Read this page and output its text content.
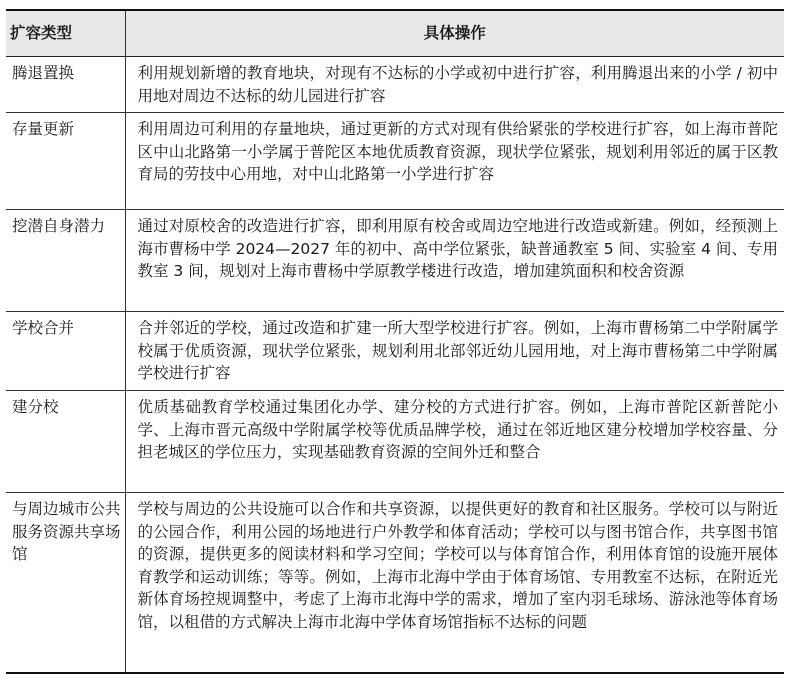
扩容类型	具体操作
腾退置换	利用规划新增的教育地块，对现有不达标的小学或初中进行扩容，利用腾退出来的小学 / 初中用地对周边不达标的幼儿园进行扩容
存量更新	利用周边可利用的存量地块，通过更新的方式对现有供给紧张的学校进行扩容，如上海市普陀区中山北路第一小学属于普陀区本地优质教育资源，现状学位紧张，规划利用邻近的属于区教育局的劳技中心用地，对中山北路第一小学进行扩容
挖潜自身潜力	通过对原校舍的改造进行扩容，即利用原有校舍或周边空地进行改造或新建。例如，经预测上海市曹杨中学 2024—2027 年的初中、高中学位紧张，缺普通教室 5 间、实验室 4 间、专用教室 3 间，规划对上海市曹杨中学原教学楼进行改造，增加建筑面积和校舍资源
学校合并	合并邻近的学校，通过改造和扩建一所大型学校进行扩容。例如，上海市曹杨第二中学附属学校属于优质资源，现状学位紧张，规划利用北部邻近幼儿园用地，对上海市曹杨第二中学附属学校进行扩容
建分校	优质基础教育学校通过集团化办学、建分校的方式进行扩容。例如，上海市普陀区新普陀小学、上海市晋元高级中学附属学校等优质品牌学校，通过在邻近地区建分校增加学校容量、分担老城区的学位压力，实现基础教育资源的空间外迁和整合
与周边城市公共服务资源共享场馆	学校与周边的公共设施可以合作和共享资源，以提供更好的教育和社区服务。学校可以与附近的公园合作，利用公园的场地进行户外教学和体育活动；学校可以与图书馆合作，共享图书馆的资源，提供更多的阅读材料和学习空间；学校可以与体育馆合作，利用体育馆的设施开展体育教学和运动训练；等等。例如，上海市北海中学由于体育场馆、专用教室不达标，在附近光新体育场控规调整中，考虑了上海市北海中学的需求，增加了室内羽毛球场、游泳池等体育场馆，以租借的方式解决上海市北海中学体育场馆指标不达标的问题
